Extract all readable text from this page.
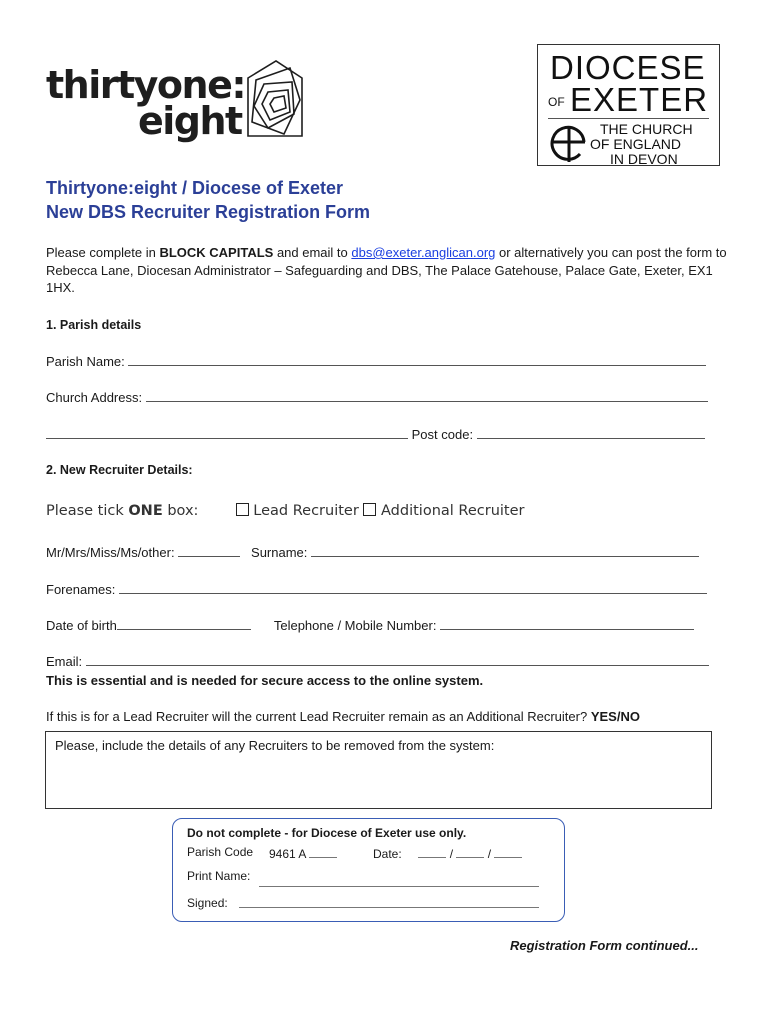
thirtyone:
eight
DIOCESE
OF EXETER
THE CHURCH
OF ENGLAND
IN DEVON
Thirtyone:eight / Diocese of Exeter
New DBS Recruiter Registration Form
Please complete in BLOCK CAPITALS and email to dbs@exeter.anglican.org or alternatively you can post the form to Rebecca Lane, Diocesan Administrator – Safeguarding and DBS, The Palace Gatehouse, Palace Gate, Exeter, EX1 1HX.
1. Parish details
Parish Name:
Church Address:
Post code:
2. New Recruiter Details:
Please tick ONE box:	Lead Recruiter Additional Recruiter
Mr/Mrs/Miss/Ms/other:	Surname:
Forenames:
Date of birth	Telephone / Mobile Number:
Email:
This is essential and is needed for secure access to the online system.
If this is for a Lead Recruiter will the current Lead Recruiter remain as an Additional Recruiter? YES/NO
Please, include the details of any Recruiters to be removed from the system:
Do not complete - for Diocese of Exeter use only.
Parish Code 9461 A	Date:	/	/
Print Name:
Signed:
Registration Form continued...
